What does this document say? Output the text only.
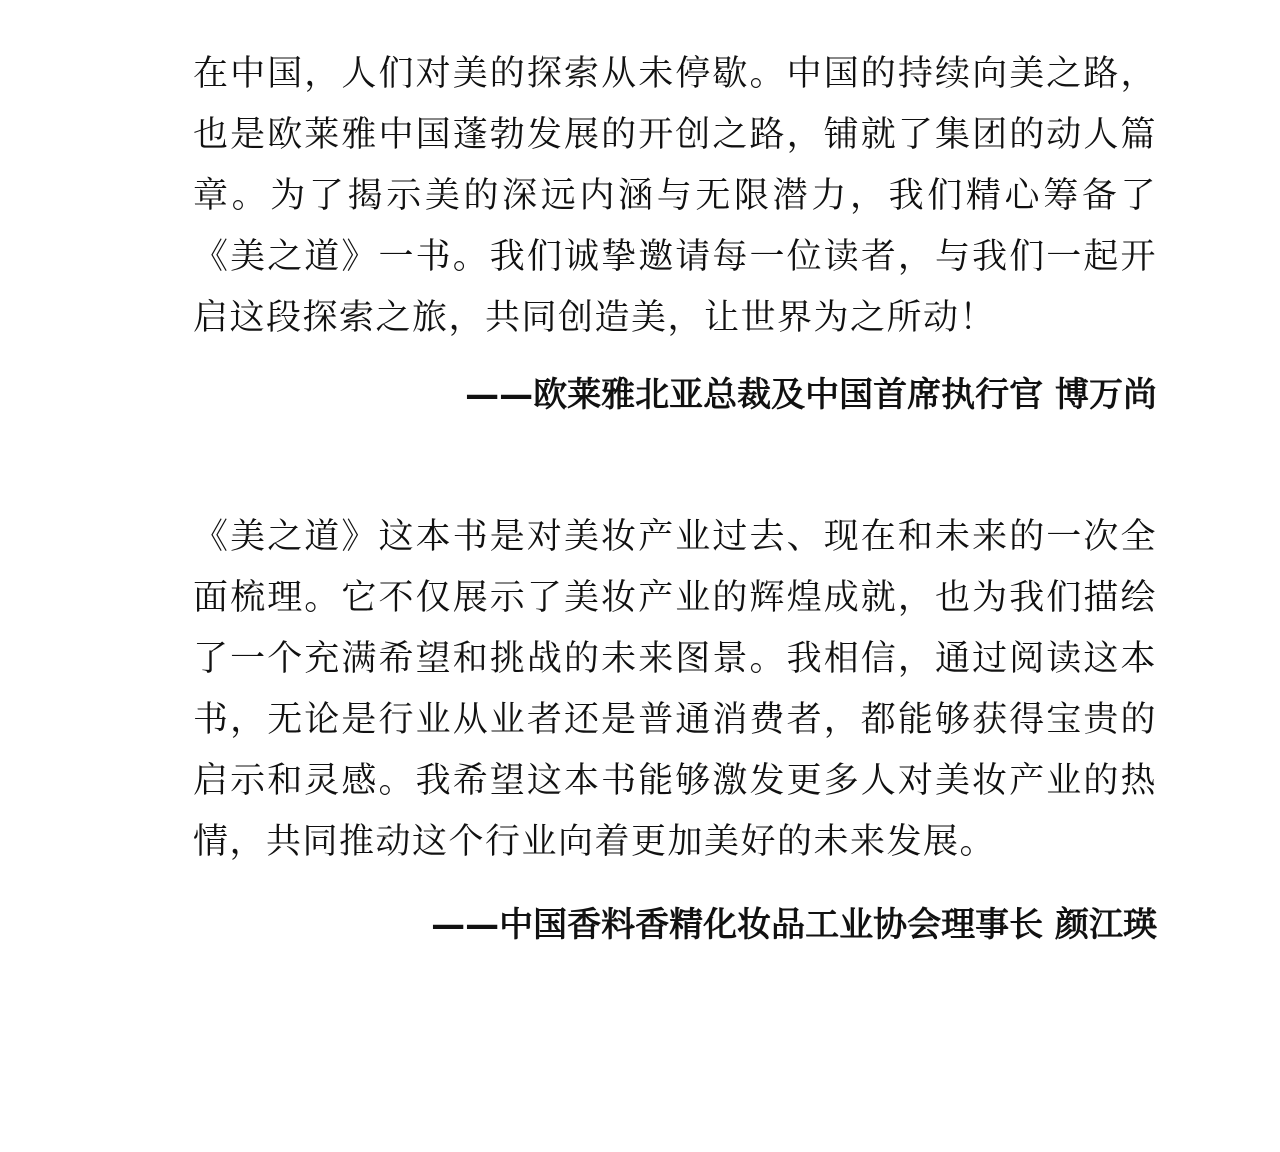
在中国，人们对美的探索从未停歇。中国的持续向美之路，也是欧莱雅中国蓬勃发展的开创之路，铺就了集团的动人篇章。为了揭示美的深远内涵与无限潜力，我们精心筹备了《美之道》一书。我们诚挚邀请每一位读者，与我们一起开启这段探索之旅，共同创造美，让世界为之所动！

——欧莱雅北亚总裁及中国首席执行官 博万尚

《美之道》这本书是对美妆产业过去、现在和未来的一次全面梳理。它不仅展示了美妆产业的辉煌成就，也为我们描绘了一个充满希望和挑战的未来图景。我相信，通过阅读这本书，无论是行业从业者还是普通消费者，都能够获得宝贵的启示和灵感。我希望这本书能够激发更多人对美妆产业的热情，共同推动这个行业向着更加美好的未来发展。

——中国香料香精化妆品工业协会理事长 颜江瑛
